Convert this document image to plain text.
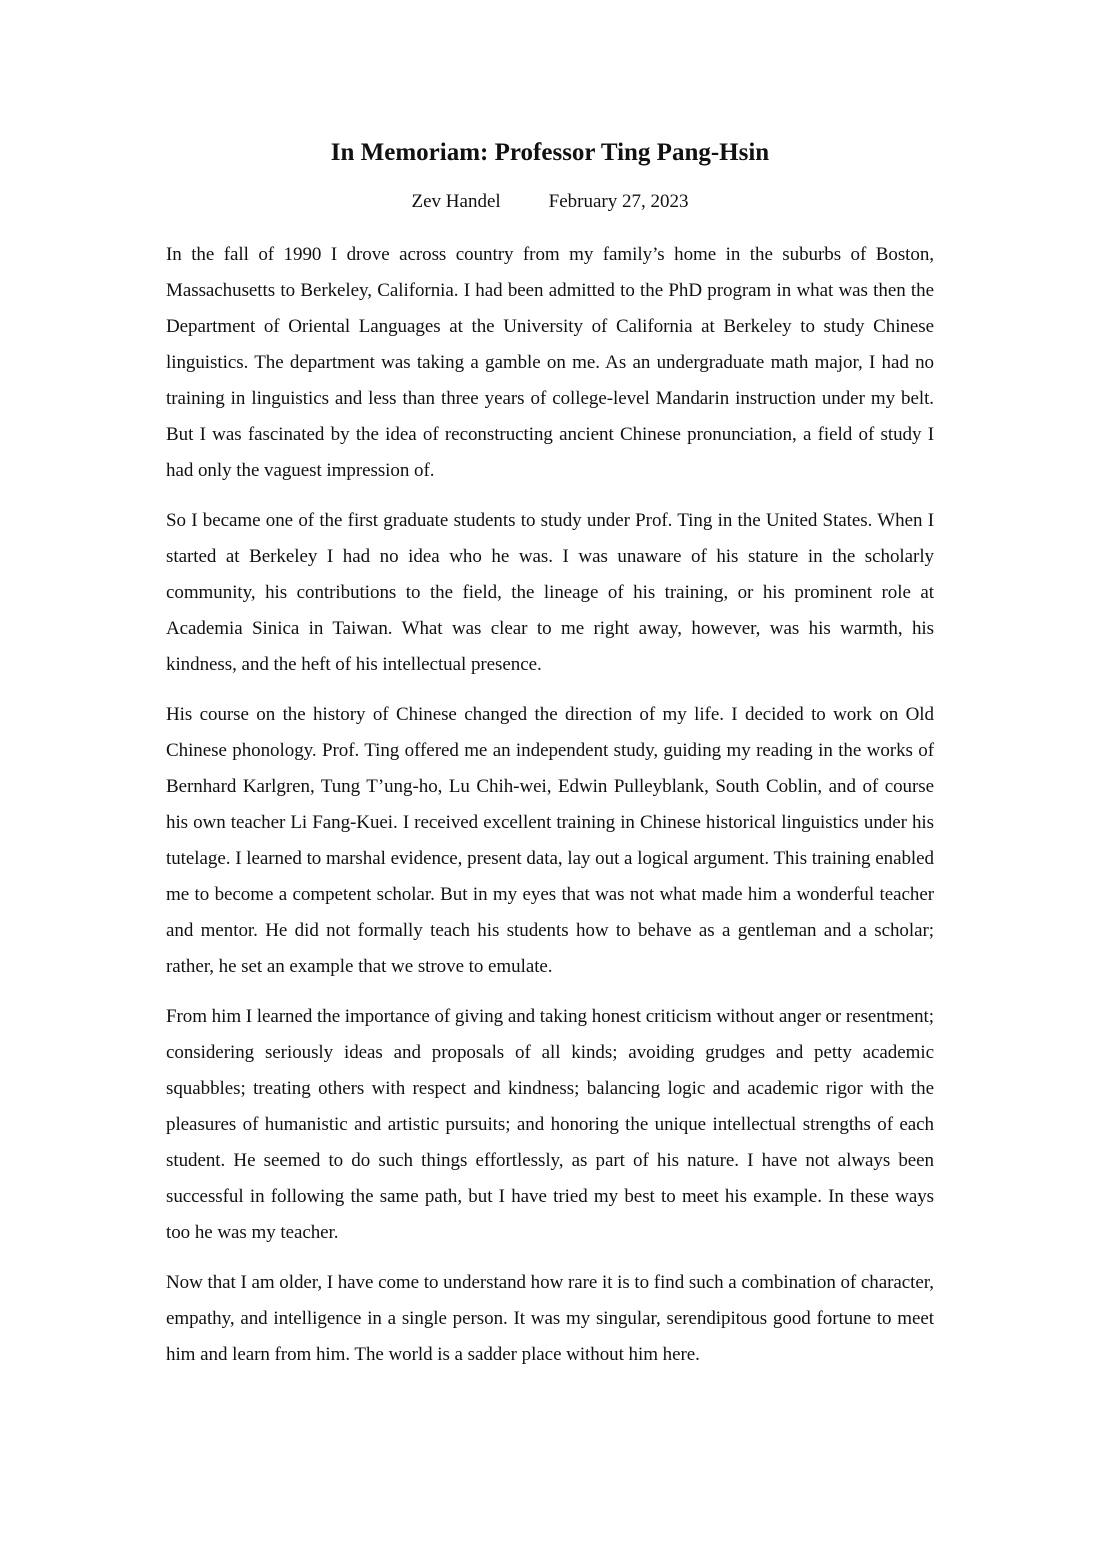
In Memoriam: Professor Ting Pang-Hsin
Zev Handel	February 27, 2023

In the fall of 1990 I drove across country from my family’s home in the suburbs of Boston, Massachusetts to Berkeley, California. I had been admitted to the PhD program in what was then the Department of Oriental Languages at the University of California at Berkeley to study Chinese linguistics. The department was taking a gamble on me. As an undergraduate math major, I had no training in linguistics and less than three years of college-level Mandarin instruction under my belt. But I was fascinated by the idea of reconstructing ancient Chinese pronunciation, a field of study I had only the vaguest impression of.

So I became one of the first graduate students to study under Prof. Ting in the United States. When I started at Berkeley I had no idea who he was. I was unaware of his stature in the scholarly community, his contributions to the field, the lineage of his training, or his prominent role at Academia Sinica in Taiwan. What was clear to me right away, however, was his warmth, his kindness, and the heft of his intellectual presence.

His course on the history of Chinese changed the direction of my life. I decided to work on Old Chinese phonology. Prof. Ting offered me an independent study, guiding my reading in the works of Bernhard Karlgren, Tung T’ung-ho, Lu Chih-wei, Edwin Pulleyblank, South Coblin, and of course his own teacher Li Fang-Kuei. I received excellent training in Chinese historical linguistics under his tutelage. I learned to marshal evidence, present data, lay out a logical argument. This training enabled me to become a competent scholar. But in my eyes that was not what made him a wonderful teacher and mentor. He did not formally teach his students how to behave as a gentleman and a scholar; rather, he set an example that we strove to emulate.

From him I learned the importance of giving and taking honest criticism without anger or resentment; considering seriously ideas and proposals of all kinds; avoiding grudges and petty academic squabbles; treating others with respect and kindness; balancing logic and academic rigor with the pleasures of humanistic and artistic pursuits; and honoring the unique intellectual strengths of each student. He seemed to do such things effortlessly, as part of his nature. I have not always been successful in following the same path, but I have tried my best to meet his example. In these ways too he was my teacher.

Now that I am older, I have come to understand how rare it is to find such a combination of character, empathy, and intelligence in a single person. It was my singular, serendipitous good fortune to meet him and learn from him. The world is a sadder place without him here.
